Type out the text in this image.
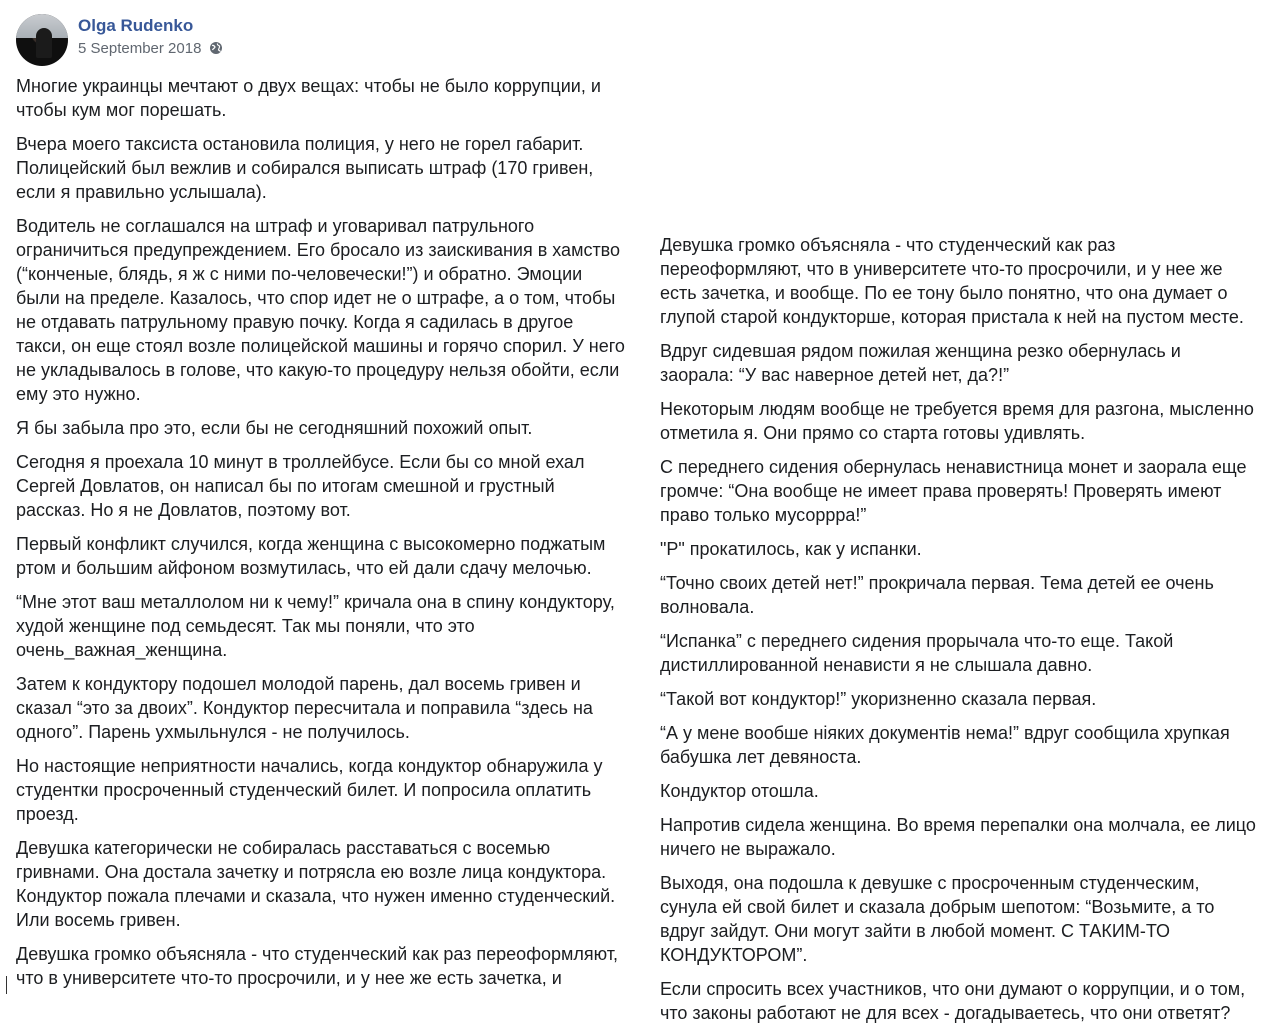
Olga Rudenko
5 September 2018

Многие украинцы мечтают о двух вещах: чтобы не было коррупции, и чтобы кум мог порешать.

Вчера моего таксиста остановила полиция, у него не горел габарит. Полицейский был вежлив и собирался выписать штраф (170 гривен, если я правильно услышала).

Водитель не соглашался на штраф и уговаривал патрульного ограничиться предупреждением. Его бросало из заискивания в хамство (“конченые, блядь, я ж с ними по-человечески!”) и обратно. Эмоции были на пределе. Казалось, что спор идет не о штрафе, а о том, чтобы не отдавать патрульному правую почку. Когда я садилась в другое такси, он еще стоял возле полицейской машины и горячо спорил. У него не укладывалось в голове, что какую-то процедуру нельзя обойти, если ему это нужно.

Я бы забыла про это, если бы не сегодняшний похожий опыт.

Сегодня я проехала 10 минут в троллейбусе. Если бы со мной ехал Сергей Довлатов, он написал бы по итогам смешной и грустный рассказ. Но я не Довлатов, поэтому вот.

Первый конфликт случился, когда женщина с высокомерно поджатым ртом и большим айфоном возмутилась, что ей дали сдачу мелочью.

“Мне этот ваш металлолом ни к чему!” кричала она в спину кондуктору, худой женщине под семьдесят. Так мы поняли, что это очень_важная_женщина.

Затем к кондуктору подошел молодой парень, дал восемь гривен и сказал “это за двоих”. Кондуктор пересчитала и поправила “здесь на одного”. Парень ухмыльнулся - не получилось.

Но настоящие неприятности начались, когда кондуктор обнаружила у студентки просроченный студенческий билет. И попросила оплатить проезд.

Девушка категорически не собиралась расставаться с восемью гривнами. Она достала зачетку и потрясла ею возле лица кондуктора. Кондуктор пожала плечами и сказала, что нужен именно студенческий. Или восемь гривен.

Девушка громко объясняла - что студенческий как раз переоформляют, что в университете что-то просрочили, и у нее же есть зачетка, и

Девушка громко объясняла - что студенческий как раз переоформляют, что в университете что-то просрочили, и у нее же есть зачетка, и вообще. По ее тону было понятно, что она думает о глупой старой кондукторше, которая пристала к ней на пустом месте.

Вдруг сидевшая рядом пожилая женщина резко обернулась и заорала: “У вас наверное детей нет, да?!”

Некоторым людям вообще не требуется время для разгона, мысленно отметила я. Они прямо со старта готовы удивлять.

С переднего сидения обернулась ненавистница монет и заорала еще громче: “Она вообще не имеет права проверять! Проверять имеют право только мусоррра!”

"Р" прокатилось, как у испанки.

“Точно своих детей нет!” прокричала первая. Тема детей ее очень волновала.

“Испанка” с переднего сидения прорычала что-то еще. Такой дистиллированной ненависти я не слышала давно.

“Такой вот кондуктор!” укоризненно сказала первая.

“А у мене вообше ніяких документів нема!” вдруг сообщила хрупкая бабушка лет девяноста.

Кондуктор отошла.

Напротив сидела женщина. Во время перепалки она молчала, ее лицо ничего не выражало.

Выходя, она подошла к девушке с просроченным студенческим, сунула ей свой билет и сказала добрым шепотом: “Возьмите, а то вдруг зайдут. Они могут зайти в любой момент. С ТАКИМ-ТО КОНДУКТОРОМ”.

Если спросить всех участников, что они думают о коррупции, и о том, что законы работают не для всех - догадываетесь, что они ответят?
